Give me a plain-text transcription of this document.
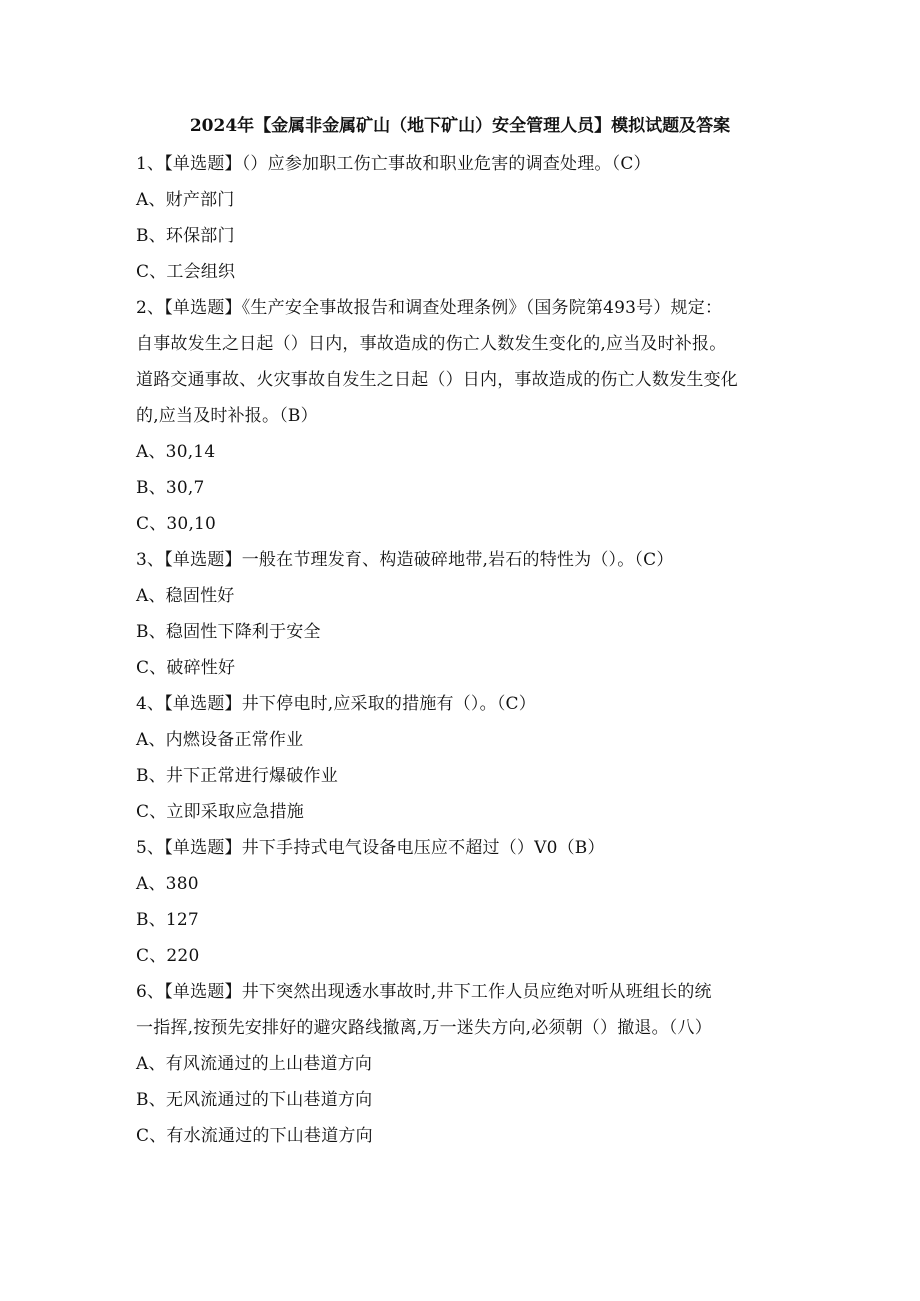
2024年【金属非金属矿山（地下矿山）安全管理人员】模拟试题及答案
1、【单选题】（）应参加职工伤亡事故和职业危害的调查处理。（C）
A、财产部门
B、环保部门
C、工会组织
2、【单选题】《生产安全事故报告和调查处理条例》（国务院第493号）规定：
自事故发生之日起（）日内，事故造成的伤亡人数发生变化的,应当及时补报。
道路交通事故、火灾事故自发生之日起（）日内，事故造成的伤亡人数发生变化
的,应当及时补报。（B）
A、30,14
B、30,7
C、30,10
3、【单选题】一般在节理发育、构造破碎地带,岩石的特性为（）。（C）
A、稳固性好
B、稳固性下降利于安全
C、破碎性好
4、【单选题】井下停电时,应采取的措施有（）。（C）
A、内燃设备正常作业
B、井下正常进行爆破作业
C、立即采取应急措施
5、【单选题】井下手持式电气设备电压应不超过（）V0（B）
A、380
B、127
C、220
6、【单选题】井下突然出现透水事故时,井下工作人员应绝对听从班组长的统
一指挥,按预先安排好的避灾路线撤离,万一迷失方向,必须朝（）撤退。（八）
A、有风流通过的上山巷道方向
B、无风流通过的下山巷道方向
C、有水流通过的下山巷道方向
